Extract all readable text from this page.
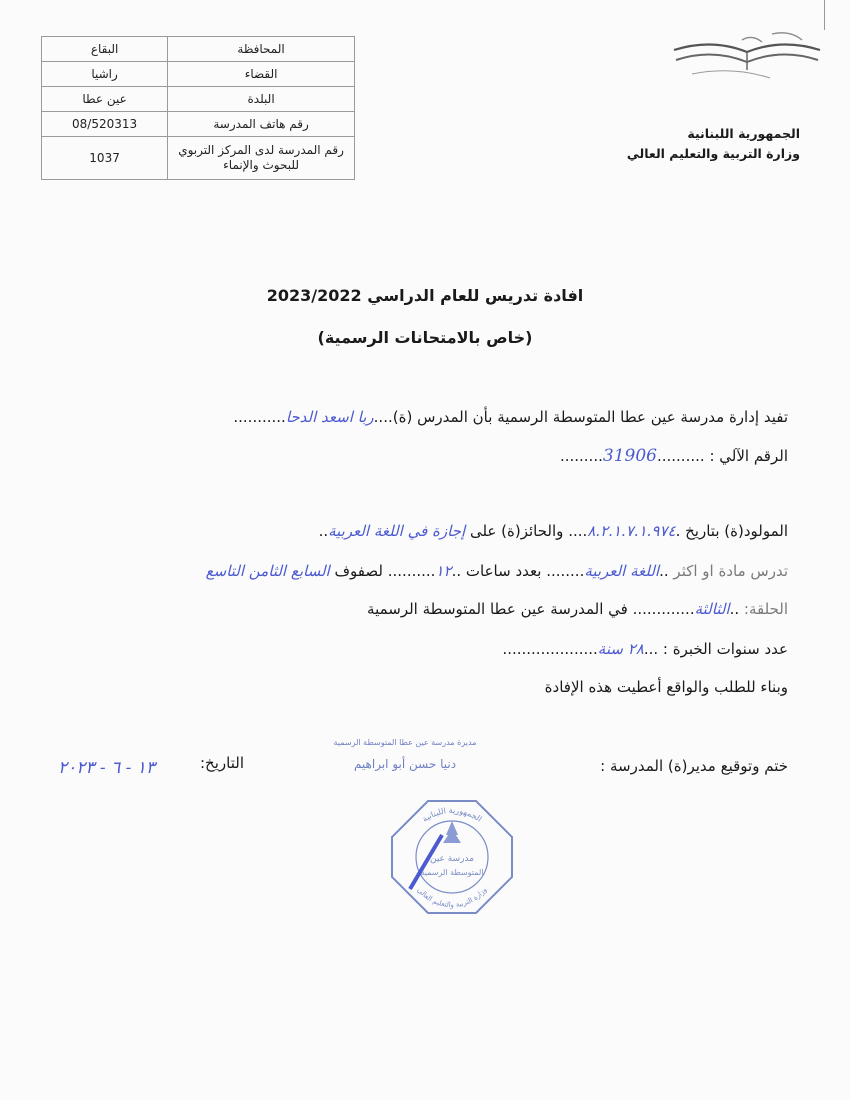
البقاع	المحافظة
راشيا	القضاء
عين عطا	البلدة
08/520313	رقم هاتف المدرسة
1037	رقم المدرسة لدى المركز التربوي للبحوث والإنماء
الجمهورية اللبنانية
وزارة التربية والتعليم العالي
افادة تدريس للعام الدراسي 2023/2022
(خاص بالامتحانات الرسمية)
تفيد إدارة مدرسة عين عطا المتوسطة الرسمية بأن المدرس (ة)....ربا اسعد الدحا...........
الرقم الآلي : ..........31906.........
المولود(ة) بتاريخ .٨.٢.١.٧.١.٩٧٤.... والحائز(ة) على إجازة في اللغة العربية..
تدرس مادة او اكثر ..اللغة العربية........ بعدد ساعات ..١٢.......... لصفوف السابع الثامن التاسع
الحلقة: ..الثالثة............. في المدرسة عين عطا المتوسطة الرسمية
عدد سنوات الخبرة : ...٢٨ سنة....................
وبناء للطلب والواقع أعطيت هذه الإفادة
ختم وتوقيع مدير(ة) المدرسة :
مديرة مدرسة عين عطا المتوسطة الرسمية
دنيا حسن أبو ابراهيم
التاريخ:
١٣ - ٦ - ٢٠٢٣
الجمهورية اللبنانية
وزارة التربية والتعليم العالي
مدرسة عين
المتوسطة الرسمية
